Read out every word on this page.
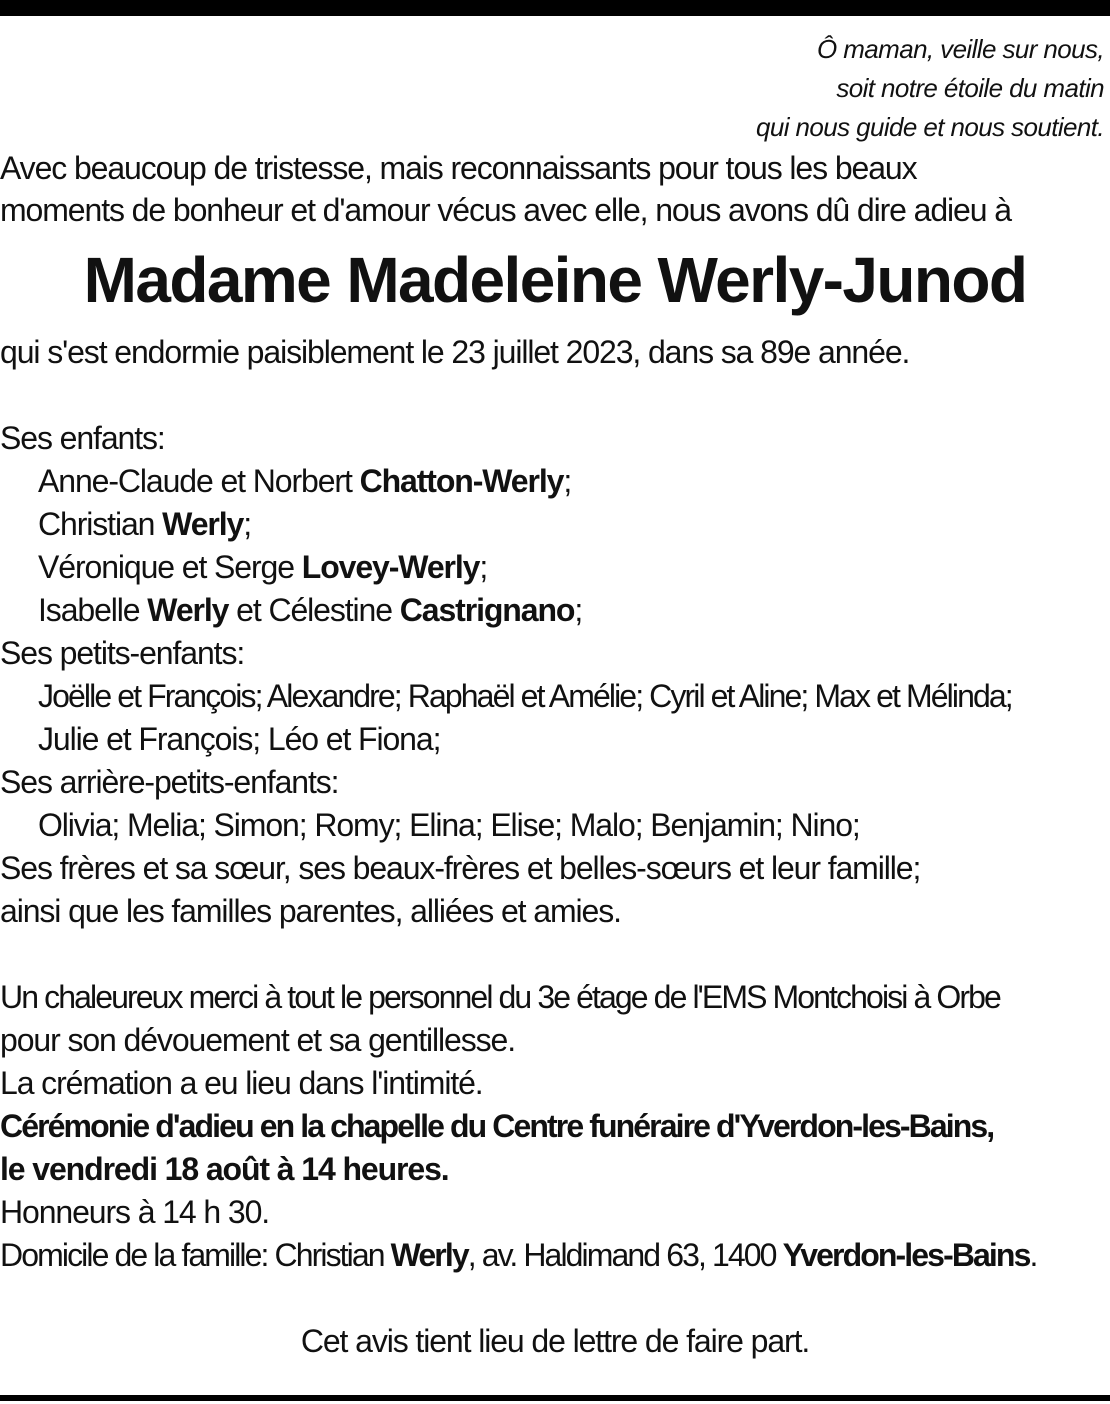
Ô maman, veille sur nous,
soit notre étoile du matin
qui nous guide et nous soutient.
Avec beaucoup de tristesse, mais reconnaissants pour tous les beaux
moments de bonheur et d'amour vécus avec elle, nous avons dû dire adieu à
Madame Madeleine Werly-Junod
qui s'est endormie paisiblement le 23 juillet 2023, dans sa 89e année.
Ses enfants:
Anne-Claude et Norbert Chatton-Werly;
Christian Werly;
Véronique et Serge Lovey-Werly;
Isabelle Werly et Célestine Castrignano;
Ses petits-enfants:
Joëlle et François; Alexandre; Raphaël et Amélie; Cyril et Aline; Max et Mélinda;
Julie et François; Léo et Fiona;
Ses arrière-petits-enfants:
Olivia; Melia; Simon; Romy; Elina; Elise; Malo; Benjamin; Nino;
Ses frères et sa sœur, ses beaux-frères et belles-sœurs et leur famille;
ainsi que les familles parentes, alliées et amies.
Un chaleureux merci à tout le personnel du 3e étage de l'EMS Montchoisi à Orbe
pour son dévouement et sa gentillesse.
La crémation a eu lieu dans l'intimité.
Cérémonie d'adieu en la chapelle du Centre funéraire d'Yverdon-les-Bains,
le vendredi 18 août à 14 heures.
Honneurs à 14 h 30.
Domicile de la famille: Christian Werly, av. Haldimand 63, 1400 Yverdon-les-Bains.
Cet avis tient lieu de lettre de faire part.
